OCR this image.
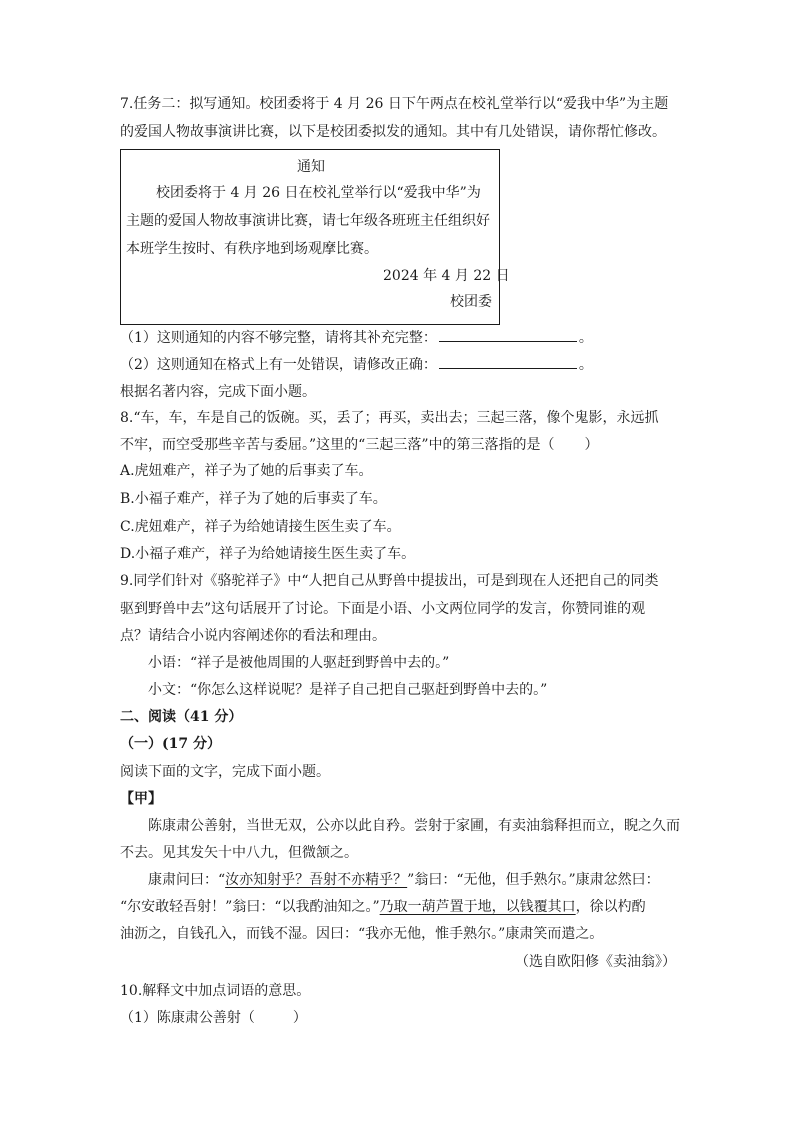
7.任务二：拟写通知。校团委将于 4 月 26 日下午两点在校礼堂举行以“爱我中华”为主题
的爱国人物故事演讲比赛，以下是校团委拟发的通知。其中有几处错误，请你帮忙修改。
通知
校团委将于 4 月 26 日在校礼堂举行以“爱我中华”为
主题的爱国人物故事演讲比赛，请七年级各班班主任组织好
本班学生按时、有秩序地到场观摩比赛。
2024 年 4 月 22 日
校团委
（1）这则通知的内容不够完整，请将其补充完整：	。
（2）这则通知在格式上有一处错误，请修改正确：	。
根据名著内容，完成下面小题。
8.“车，车，车是自己的饭碗。买，丢了；再买，卖出去；三起三落，像个鬼影，永远抓
不牢，而空受那些辛苦与委屈。”这里的“三起三落”中的第三落指的是（ ）
A.虎妞难产，祥子为了她的后事卖了车。
B.小福子难产，祥子为了她的后事卖了车。
C.虎妞难产，祥子为给她请接生医生卖了车。
D.小福子难产，祥子为给她请接生医生卖了车。
9.同学们针对《骆驼祥子》中“人把自己从野兽中提拔出，可是到现在人还把自己的同类
驱到野兽中去”这句话展开了讨论。下面是小语、小文两位同学的发言，你赞同谁的观
点？请结合小说内容阐述你的看法和理由。
小语：“祥子是被他周围的人驱赶到野兽中去的。”
小文：“你怎么这样说呢？是祥子自己把自己驱赶到野兽中去的。”
二、阅读（41 分）
（一）(17 分）
阅读下面的文字，完成下面小题。
【甲】
陈康肃公善射，当世无双，公亦以此自矜。尝射于家圃，有卖油翁释担而立，睨之久而
不去。见其发矢十中八九，但微颔之。
康肃问曰：“汝亦知射乎？吾射不亦精乎？”翁曰：“无他，但手熟尔。”康肃忿然曰：
“尔安敢轻吾射！”翁曰：“以我酌油知之。”乃取一葫芦置于地，以钱覆其口，徐以杓酌
油沥之，自钱孔入，而钱不湿。因曰：“我亦无他，惟手熟尔。”康肃笑而遣之。
（选自欧阳修《卖油翁》）
10.解释文中加点词语的意思。
（1）陈康肃公善射（	）
